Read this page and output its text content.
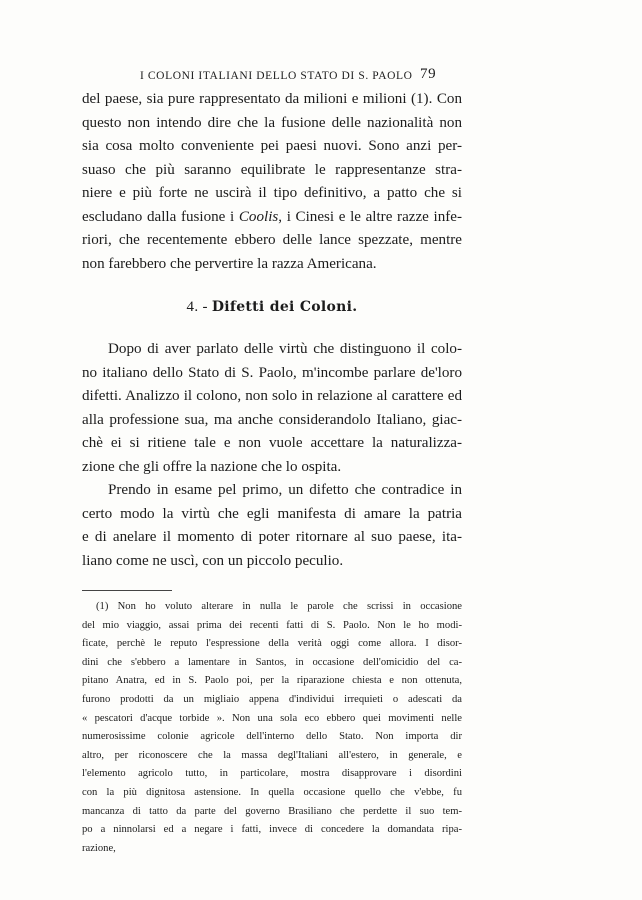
I COLONI ITALIANI DELLO STATO DI S. PAOLO 79
del paese, sia pure rappresentato da milioni e milioni (1). Con
questo non intendo dire che la fusione delle nazionalità non
sia cosa molto conveniente pei paesi nuovi. Sono anzi per-
suaso che più saranno equilibrate le rappresentanze stra-
niere e più forte ne uscirà il tipo definitivo, a patto che si
escludano dalla fusione i Coolis, i Cinesi e le altre razze infe-
riori, che recentemente ebbero delle lance spezzate, mentre
non farebbero che pervertire la razza Americana.
4. - Difetti dei Coloni.
Dopo di aver parlato delle virtù che distinguono il colo-
no italiano dello Stato di S. Paolo, m'incombe parlare de'loro
difetti. Analizzo il colono, non solo in relazione al carattere ed
alla professione sua, ma anche considerandolo Italiano, giac-
chè ei si ritiene tale e non vuole accettare la naturalizza-
zione che gli offre la nazione che lo ospita.
Prendo in esame pel primo, un difetto che contradice in
certo modo la virtù che egli manifesta di amare la patria
e di anelare il momento di poter ritornare al suo paese, ita-
liano come ne uscì, con un piccolo peculio.
(1) Non ho voluto alterare in nulla le parole che scrissi in occasione
del mio viaggio, assai prima dei recenti fatti di S. Paolo. Non le ho modi-
ficate, perchè le reputo l'espressione della verità oggi come allora. I disor-
dini che s'ebbero a lamentare in Santos, in occasione dell'omicidio del ca-
pitano Anatra, ed in S. Paolo poi, per la riparazione chiesta e non ottenuta,
furono prodotti da un migliaio appena d'individui irrequieti o adescati da
« pescatori d'acque torbide ». Non una sola eco ebbero quei movimenti nelle
numerosissime colonie agricole dell'interno dello Stato. Non importa dir
altro, per riconoscere che la massa degl'Italiani all'estero, in generale, e
l'elemento agricolo tutto, in particolare, mostra disapprovare i disordini
con la più dignitosa astensione. In quella occasione quello che v'ebbe, fu
mancanza di tatto da parte del governo Brasiliano che perdette il suo tem-
po a ninnolarsi ed a negare i fatti, invece di concedere la domandata ripa-
razione,
